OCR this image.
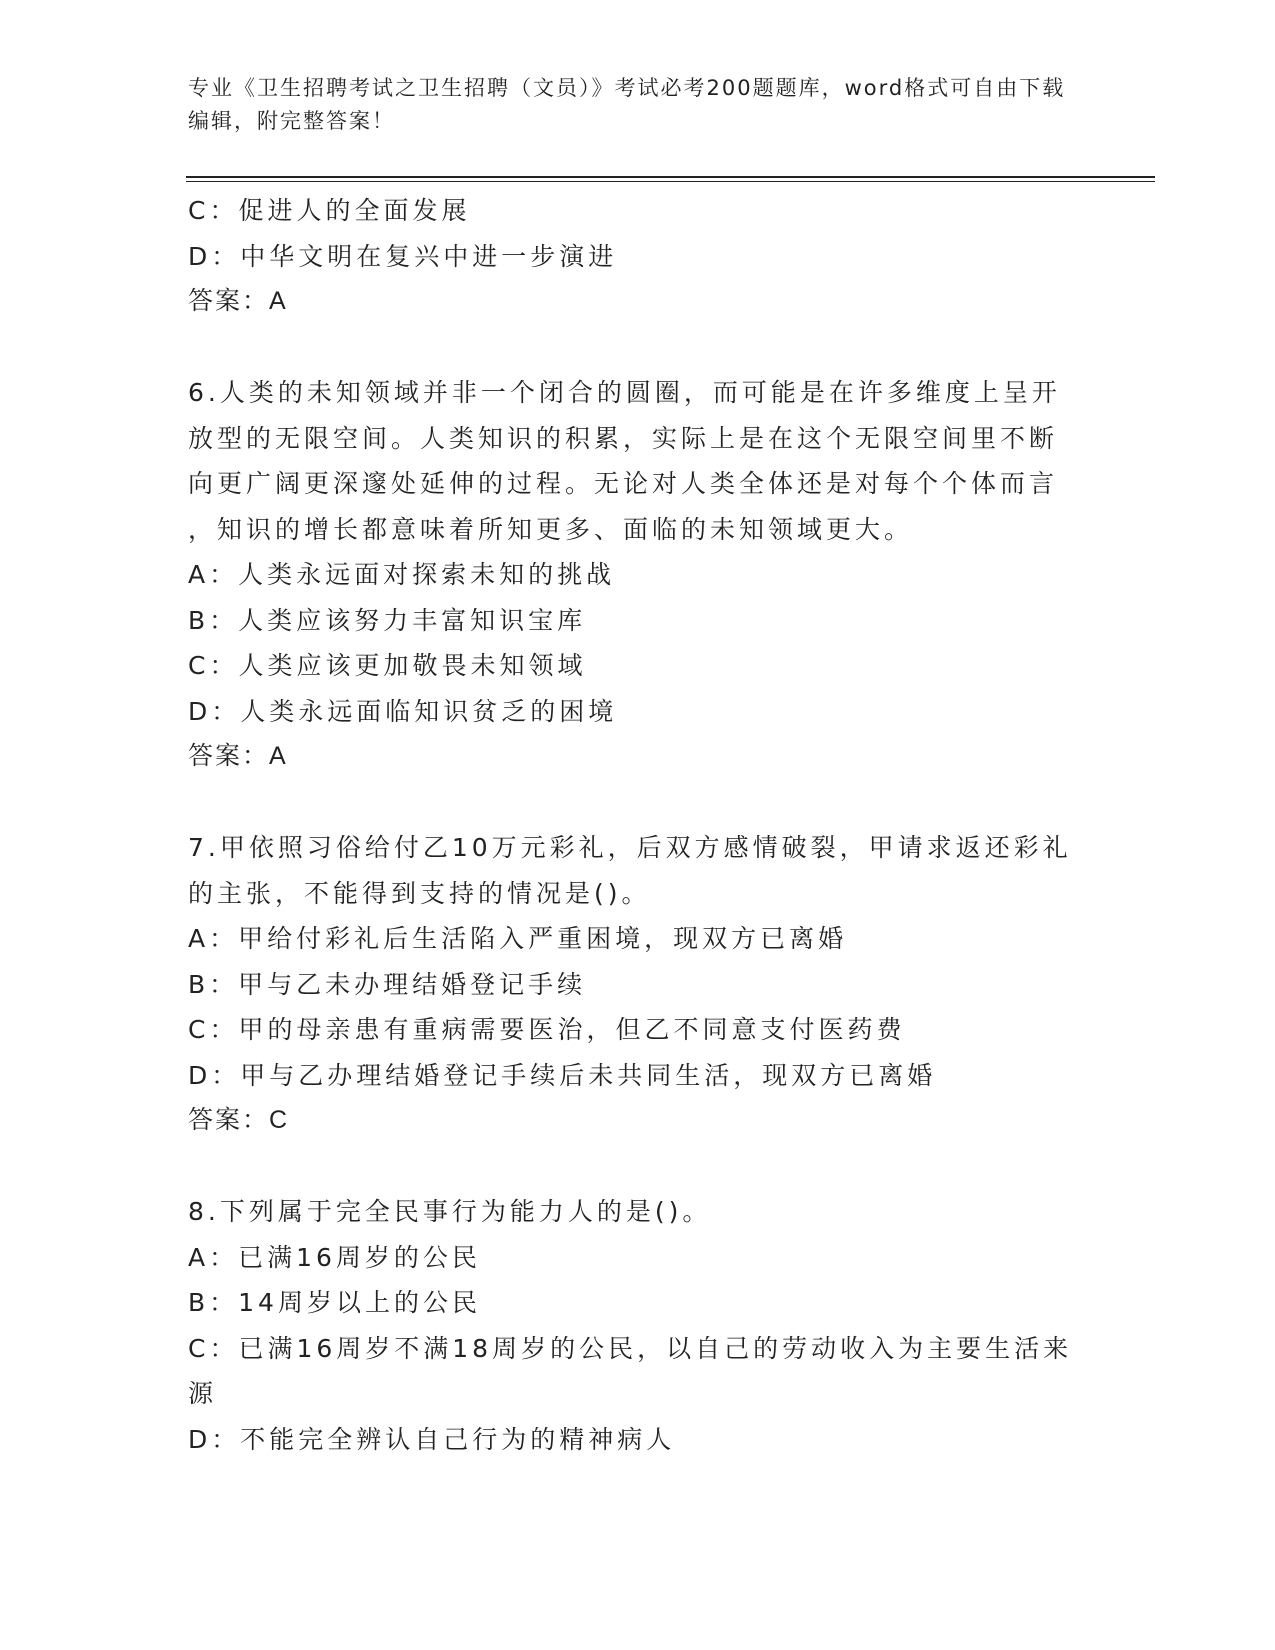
专业《卫生招聘考试之卫生招聘（文员）》考试必考200题题库，word格式可自由下载编辑，附完整答案！
C：促进人的全面发展
D：中华文明在复兴中进一步演进
答案：A
6.人类的未知领域并非一个闭合的圆圈，而可能是在许多维度上呈开
放型的无限空间。人类知识的积累，实际上是在这个无限空间里不断
向更广阔更深邃处延伸的过程。无论对人类全体还是对每个个体而言
，知识的增长都意味着所知更多、面临的未知领域更大。
A：人类永远面对探索未知的挑战
B：人类应该努力丰富知识宝库
C：人类应该更加敬畏未知领域
D：人类永远面临知识贫乏的困境
答案：A
7.甲依照习俗给付乙10万元彩礼，后双方感情破裂，甲请求返还彩礼
的主张，不能得到支持的情况是()。
A：甲给付彩礼后生活陷入严重困境，现双方已离婚
B：甲与乙未办理结婚登记手续
C：甲的母亲患有重病需要医治，但乙不同意支付医药费
D：甲与乙办理结婚登记手续后未共同生活，现双方已离婚
答案：C
8.下列属于完全民事行为能力人的是()。
A：已满16周岁的公民
B：14周岁以上的公民
C：已满16周岁不满18周岁的公民，以自己的劳动收入为主要生活来
源
D：不能完全辨认自己行为的精神病人
